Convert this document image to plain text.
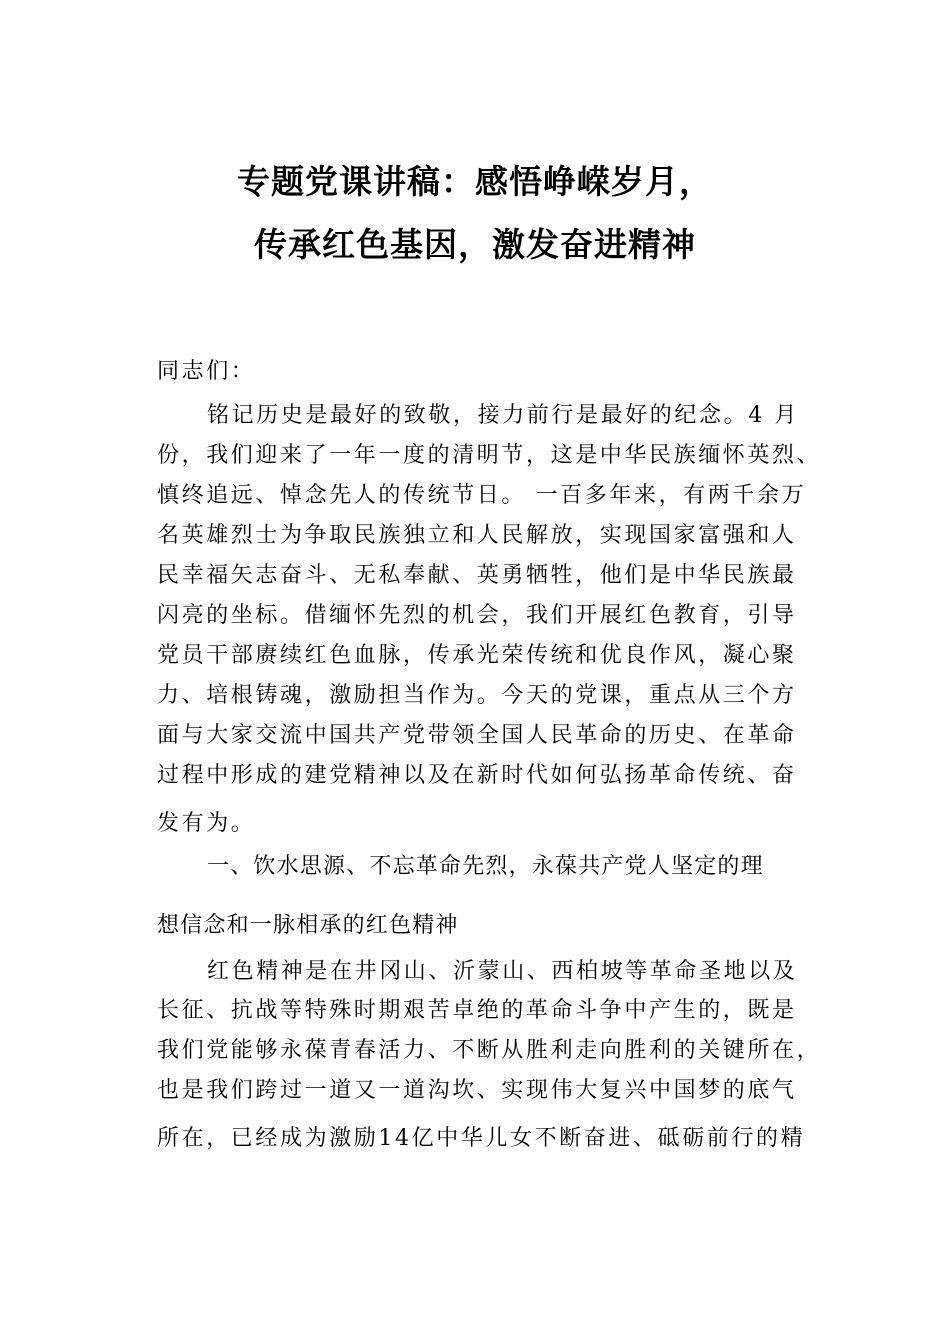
专题党课讲稿：感悟峥嵘岁月，
传承红色基因，激发奋进精神
同志们：
铭记历史是最好的致敬，接力前行是最好的纪念。4 月
份，我们迎来了一年一度的清明节，这是中华民族缅怀英烈、
慎终追远、悼念先人的传统节日。 一百多年来，有两千余万
名英雄烈士为争取民族独立和人民解放，实现国家富强和人
民幸福矢志奋斗、无私奉献、英勇牺牲，他们是中华民族最
闪亮的坐标。借缅怀先烈的机会，我们开展红色教育，引导
党员干部赓续红色血脉，传承光荣传统和优良作风，凝心聚
力、培根铸魂，激励担当作为。今天的党课，重点从三个方
面与大家交流中国共产党带领全国人民革命的历史、在革命
过程中形成的建党精神以及在新时代如何弘扬革命传统、奋
发有为。
一、饮水思源、不忘革命先烈，永葆共产党人坚定的理
想信念和一脉相承的红色精神
红色精神是在井冈山、沂蒙山、西柏坡等革命圣地以及
长征、抗战等特殊时期艰苦卓绝的革命斗争中产生的，既是
我们党能够永葆青春活力、不断从胜利走向胜利的关键所在，
也是我们跨过一道又一道沟坎、实现伟大复兴中国梦的底气
所在，已经成为激励14亿中华儿女不断奋进、砥砺前行的精
